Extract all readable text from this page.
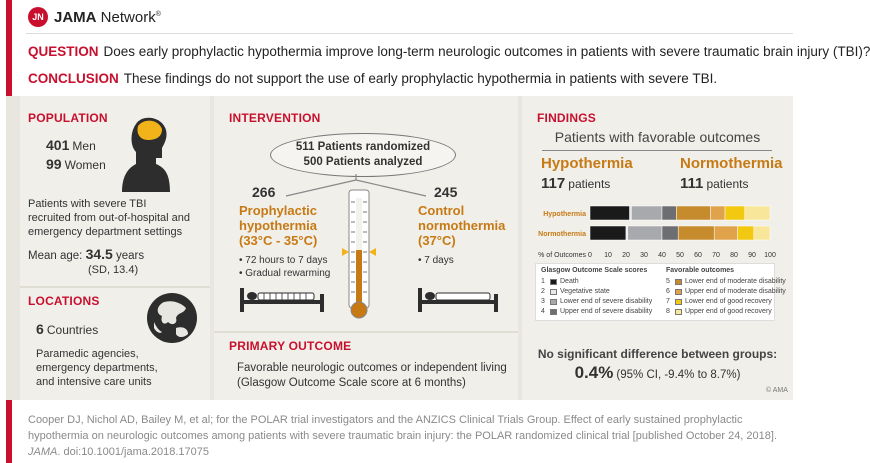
JN JAMA Network®
QUESTION Does early prophylactic hypothermia improve long-term neurologic outcomes in patients with severe traumatic brain injury (TBI)?
CONCLUSION These findings do not support the use of early prophylactic hypothermia in patients with severe TBI.
POPULATION
401 Men
99 Women
Patients with severe TBI
recruited from out-of-hospital and
emergency department settings
Mean age: 34.5 years
(SD, 13.4)
LOCATIONS
6 Countries
Paramedic agencies,
emergency departments,
and intensive care units
INTERVENTION
511 Patients randomized
500 Patients analyzed
266
Prophylactic
hypothermia
(33°C - 35°C)
• 72 hours to 7 days
• Gradual rewarming
245
Control
normothermia
(37°C)
• 7 days
PRIMARY OUTCOME
Favorable neurologic outcomes or independent living
(Glasgow Outcome Scale score at 6 months)
FINDINGS
Patients with favorable outcomes
Hypothermia
117 patients
Normothermia
111 patients
Hypothermia
Normothermia
% of Outcomes 0 10 20 30 40 50 60 70 80 90 100
Glasgow Outcome Scale scores	Favorable outcomes
1 Death
2 Vegetative state
3 Lower end of severe disability
4 Upper end of severe disability
5 Lower end of moderate disability
6 Upper end of moderate disability
7 Lower end of good recovery
8 Upper end of good recovery
No significant difference between groups:
0.4% (95% CI, -9.4% to 8.7%)
© AMA
Cooper DJ, Nichol AD, Bailey M, et al; for the POLAR trial investigators and the ANZICS Clinical Trials Group. Effect of early sustained prophylactic hypothermia on neurologic outcomes among patients with severe traumatic brain injury: the POLAR randomized clinical trial [published October 24, 2018]. JAMA. doi:10.1001/jama.2018.17075
